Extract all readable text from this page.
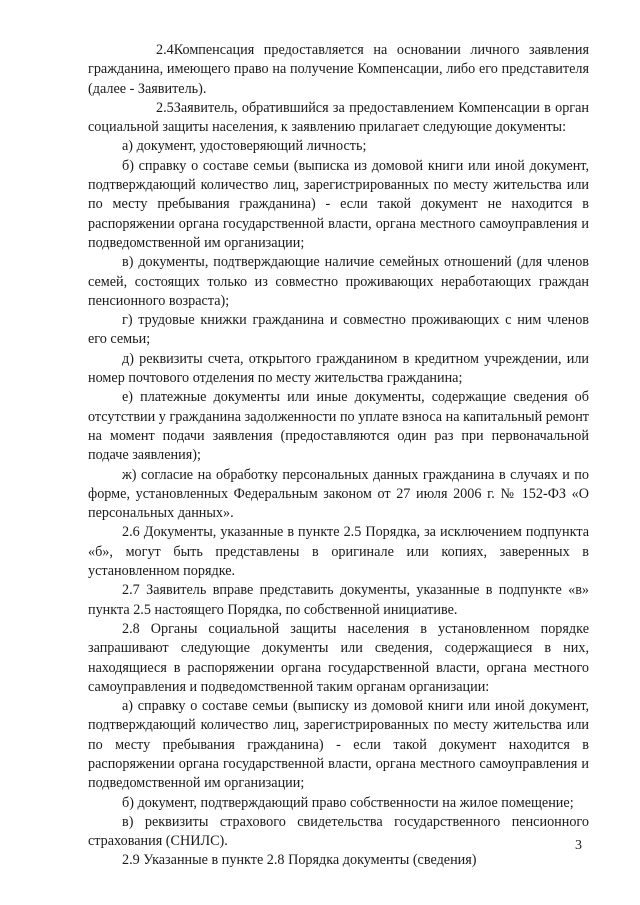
2.4Компенсация предоставляется на основании личного заявления гражданина, имеющего право на получение Компенсации, либо его представителя (далее - Заявитель).

2.5Заявитель, обратившийся за предоставлением Компенсации в орган социальной защиты населения, к заявлению прилагает следующие документы:

а) документ, удостоверяющий личность;

б) справку о составе семьи (выписка из домовой книги или иной документ, подтверждающий количество лиц, зарегистрированных по месту жительства или по месту пребывания гражданина) - если такой документ не находится в распоряжении органа государственной власти, органа местного самоуправления и подведомственной им организации;

в) документы, подтверждающие наличие семейных отношений (для членов семей, состоящих только из совместно проживающих неработающих граждан пенсионного возраста);

г) трудовые книжки гражданина и совместно проживающих с ним членов его семьи;

д) реквизиты счета, открытого гражданином в кредитном учреждении, или номер почтового отделения по месту жительства гражданина;

е) платежные документы или иные документы, содержащие сведения об отсутствии у гражданина задолженности по уплате взноса на капитальный ремонт на момент подачи заявления (предоставляются один раз при первоначальной подаче заявления);

ж) согласие на обработку персональных данных гражданина в случаях и по форме, установленных Федеральным законом от 27 июля 2006 г. № 152-ФЗ «О персональных данных».

2.6 Документы, указанные в пункте 2.5 Порядка, за исключением подпункта «б», могут быть представлены в оригинале или копиях, заверенных в установленном порядке.

2.7 Заявитель вправе представить документы, указанные в подпункте «в» пункта 2.5 настоящего Порядка, по собственной инициативе.

2.8 Органы социальной защиты населения в установленном порядке запрашивают следующие документы или сведения, содержащиеся в них, находящиеся в распоряжении органа государственной власти, органа местного самоуправления и подведомственной таким органам организации:

а) справку о составе семьи (выписку из домовой книги или иной документ, подтверждающий количество лиц, зарегистрированных по месту жительства или по месту пребывания гражданина) - если такой документ находится в распоряжении органа государственной власти, органа местного самоуправления и подведомственной им организации;

б) документ, подтверждающий право собственности на жилое помещение;

в) реквизиты страхового свидетельства государственного пенсионного страхования (СНИЛС).

2.9 Указанные в пункте 2.8 Порядка документы (сведения)

3
